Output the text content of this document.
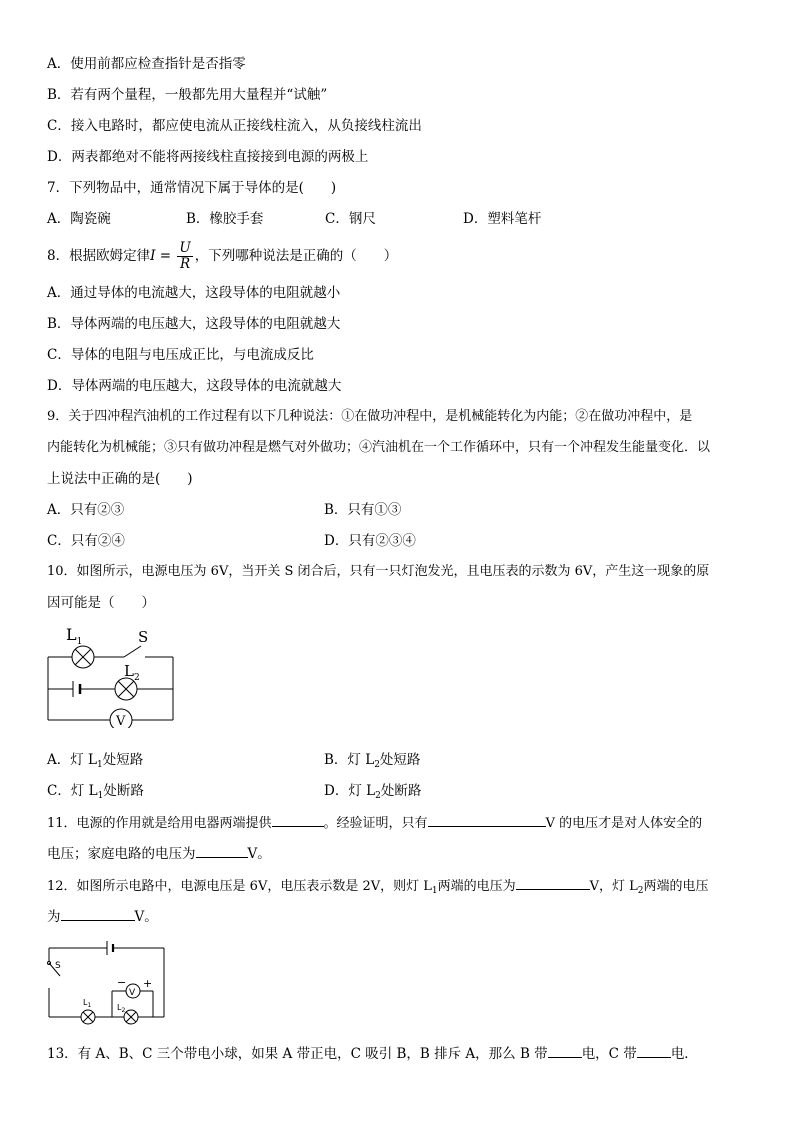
A．使用前都应检查指针是否指零
B．若有两个量程，一般都先用大量程并“试触”
C．接入电路时，都应使电流从正接线柱流入，从负接线柱流出
D．两表都绝对不能将两接线柱直接接到电源的两极上
7．下列物品中，通常情况下属于导体的是(　　)
A．陶瓷碗	B．橡胶手套	C．钢尺	D．塑料笔杆
8．根据欧姆定律$I = \frac{U}{R}$ ，下列哪种说法是正确的（　　）
A．通过导体的电流越大，这段导体的电阻就越小
B．导体两端的电压越大，这段导体的电阻就越大
C．导体的电阻与电压成正比，与电流成反比
D．导体两端的电压越大，这段导体的电流就越大
9．关于四冲程汽油机的工作过程有以下几种说法：①在做功冲程中，是机械能转化为内能；②在做功冲程中，是
内能转化为机械能；③只有做功冲程是燃气对外做功；④汽油机在一个工作循环中，只有一个冲程发生能量变化．以
上说法中正确的是(　　)
A．只有②③	B．只有①③
C．只有②④	D．只有②③④
10．如图所示，电源电压为 6V，当开关 S 闭合后，只有一只灯泡发光，且电压表的示数为 6V，产生这一现象的原
因可能是（　　）
$L_1$	S
$L_2$
V
A．灯 $L_1$处短路	B．灯 $L_2$处短路
C．灯 $L_1$处断路	D．灯 $L_2$处断路
11．电源的作用就是给用电器两端提供	。经验证明，只有	V 的电压才是对人体安全的
电压；家庭电路的电压为	V。
12．如图所示电路中，电源电压是 6V，电压表示数是 2V，则灯 $L_1$两端的电压为	V，灯 $L_2$两端的电压
为	V。
S
− +
V
$L_1$	$L_2$
13．有 A、B、C 三个带电小球，如果 A 带正电，C 吸引 B，B 排斥 A，那么 B 带	电，C 带	电．
